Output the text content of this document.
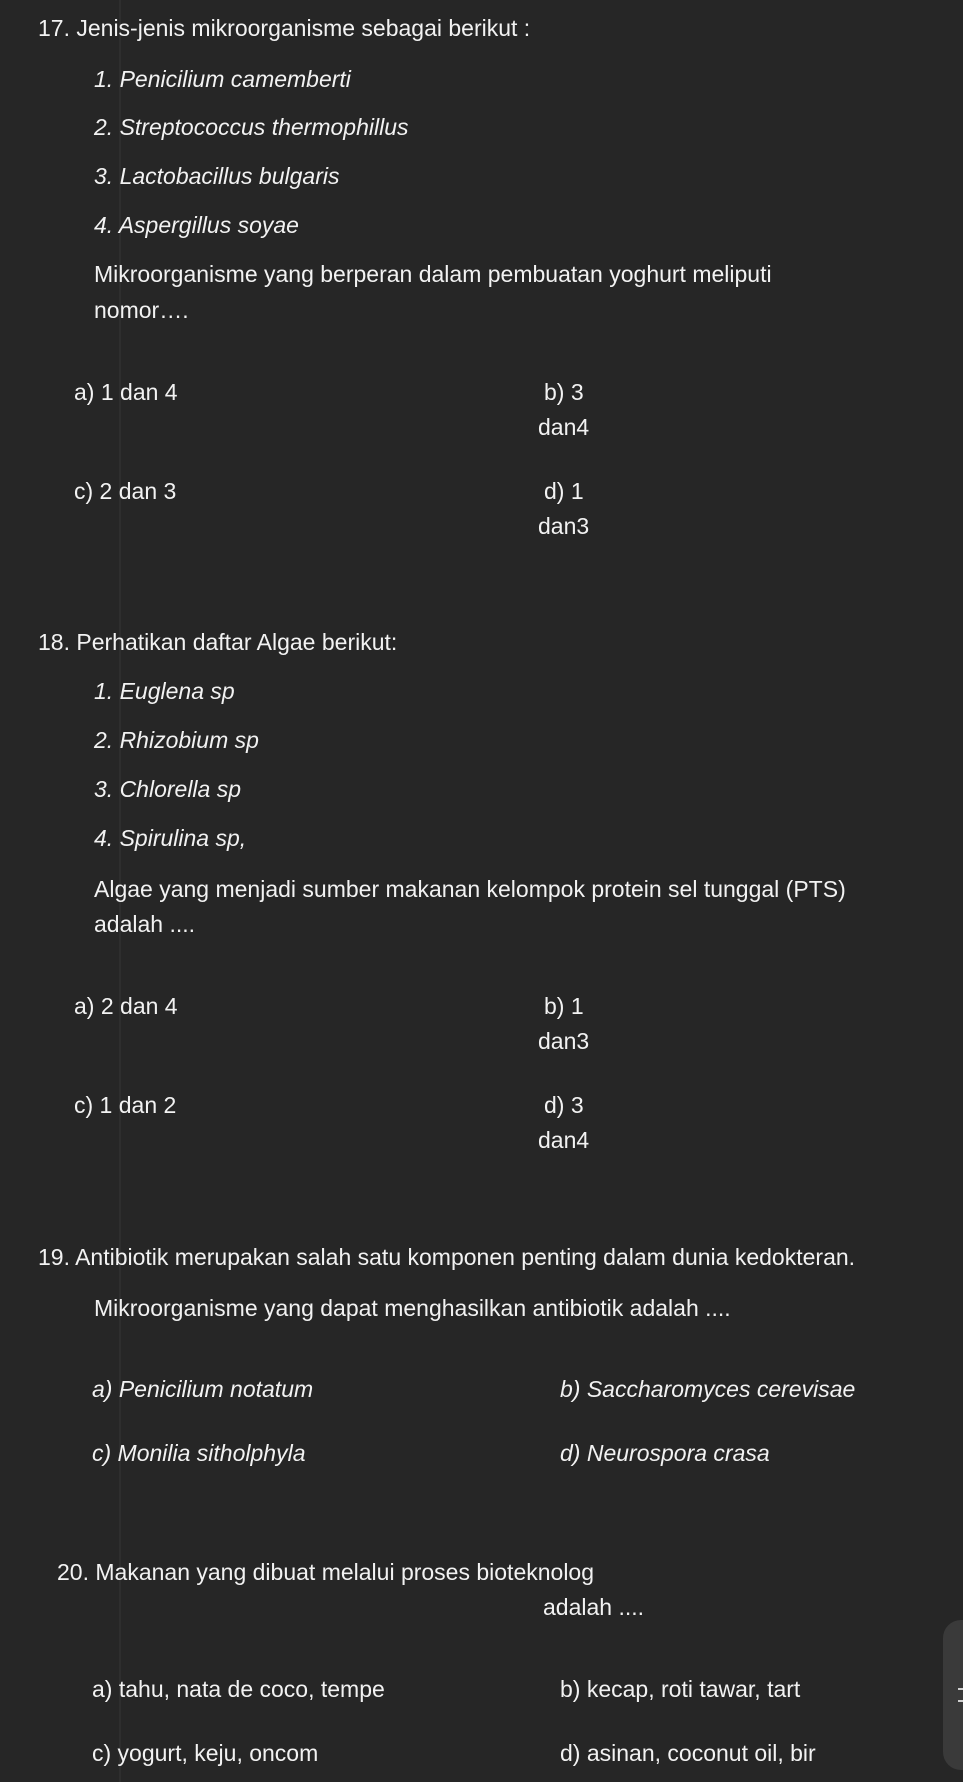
17. Jenis-jenis mikroorganisme sebagai berikut :
1. Penicilium camemberti
2. Streptococcus thermophillus
3. Lactobacillus bulgaris
4. Aspergillus soyae
Mikroorganisme yang berperan dalam pembuatan yoghurt meliputi
nomor….
a) 1 dan 4	b) 3
dan4
c) 2 dan 3	d) 1
dan3
18. Perhatikan daftar Algae berikut:
1. Euglena sp
2. Rhizobium sp
3. Chlorella sp
4. Spirulina sp,
Algae yang menjadi sumber makanan kelompok protein sel tunggal (PTS)
adalah ....
a) 2 dan 4	b) 1
dan3
c) 1 dan 2	d) 3
dan4
19. Antibiotik merupakan salah satu komponen penting dalam dunia kedokteran.
Mikroorganisme yang dapat menghasilkan antibiotik adalah ....
a) Penicilium notatum	b) Saccharomyces cerevisae
c) Monilia sitholphyla	d) Neurospora crasa
20. Makanan yang dibuat melalui proses bioteknolog
adalah ....
a) tahu, nata de coco, tempe	b) kecap, roti tawar, tart
c) yogurt, keju, oncom	d) asinan, coconut oil, bir
